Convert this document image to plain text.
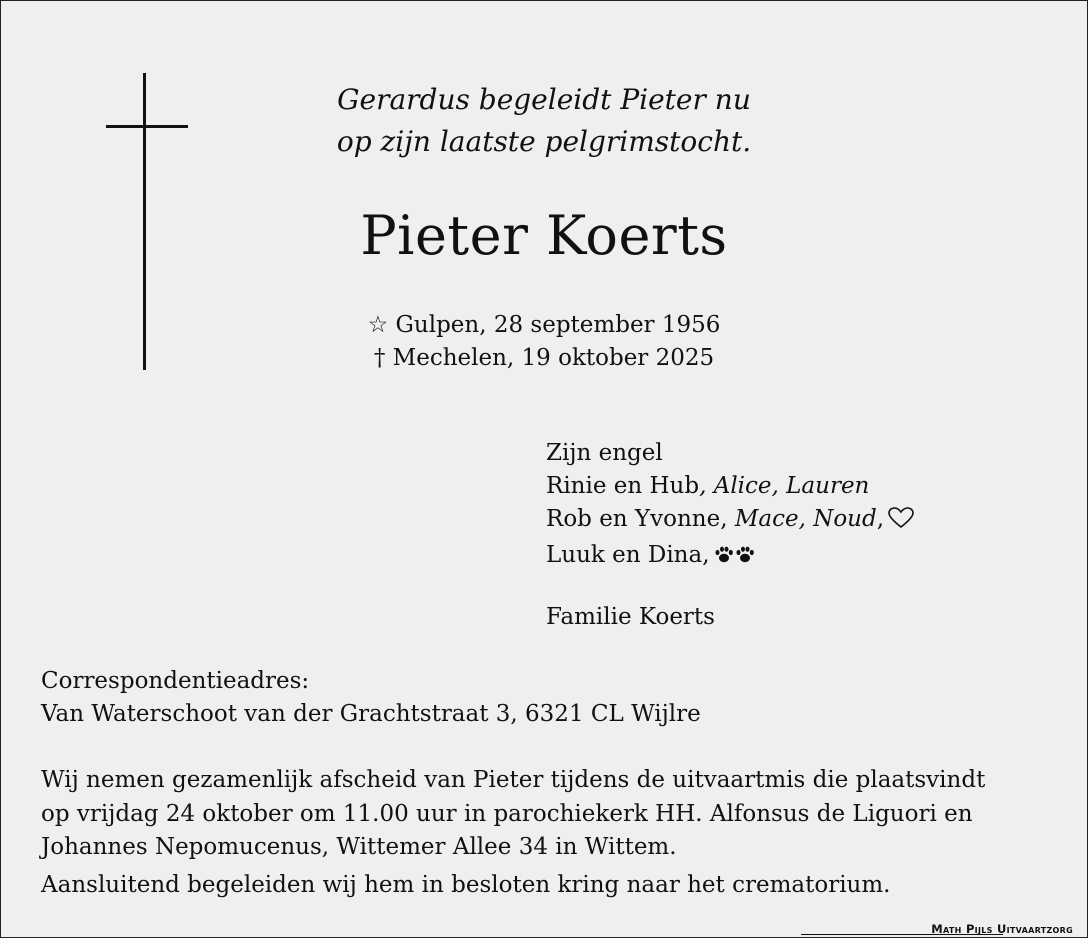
Gerardus begeleidt Pieter nu
op zijn laatste pelgrimstocht.
Pieter Koerts
☆ Gulpen, 28 september 1956
† Mechelen, 19 oktober 2025
Zijn engel
Rinie en Hub, Alice, Lauren
Rob en Yvonne, Mace, Noud,
Luuk en Dina,
Familie Koerts
Correspondentieadres:
Van Waterschoot van der Grachtstraat 3, 6321 CL Wijlre
Wij nemen gezamenlijk afscheid van Pieter tijdens de uitvaartmis die plaatsvindt
op vrijdag 24 oktober om 11.00 uur in parochiekerk HH. Alfonsus de Liguori en
Johannes Nepomucenus, Wittemer Allee 34 in Wittem.
Aansluitend begeleiden wij hem in besloten kring naar het crematorium.
Math Pijls Uitvaartzorg
